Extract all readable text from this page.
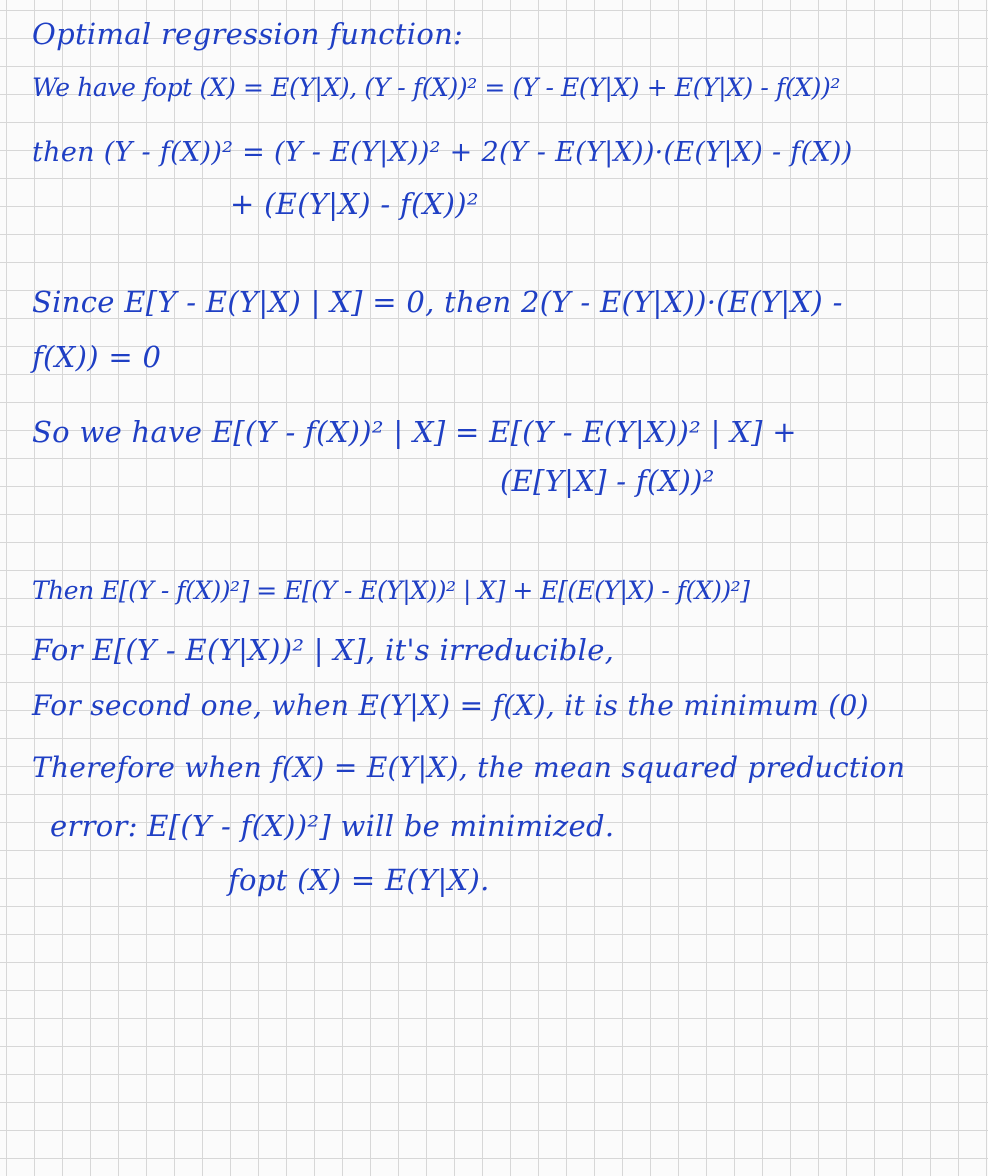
Optimal regression function:
We have fopt (X) = E(Y|X), (Y - f(X))² = (Y - E(Y|X) + E(Y|X) - f(X))²
then (Y - f(X))² = (Y - E(Y|X))² + 2(Y - E(Y|X))·(E(Y|X) - f(X))
+ (E(Y|X) - f(X))²
Since E[Y - E(Y|X) | X] = 0, then 2(Y - E(Y|X))·(E(Y|X) -
f(X)) = 0
So we have E[(Y - f(X))² | X] = E[(Y - E(Y|X))² | X] +
(E[Y|X] - f(X))²
Then E[(Y - f(X))²] = E[(Y - E(Y|X))² | X] + E[(E(Y|X) - f(X))²]
For E[(Y - E(Y|X))² | X], it's irreducible,
For second one, when E(Y|X) = f(X), it is the minimum (0)
Therefore when f(X) = E(Y|X), the mean squared preduction
error: E[(Y - f(X))²] will be minimized.
fopt (X) = E(Y|X).
